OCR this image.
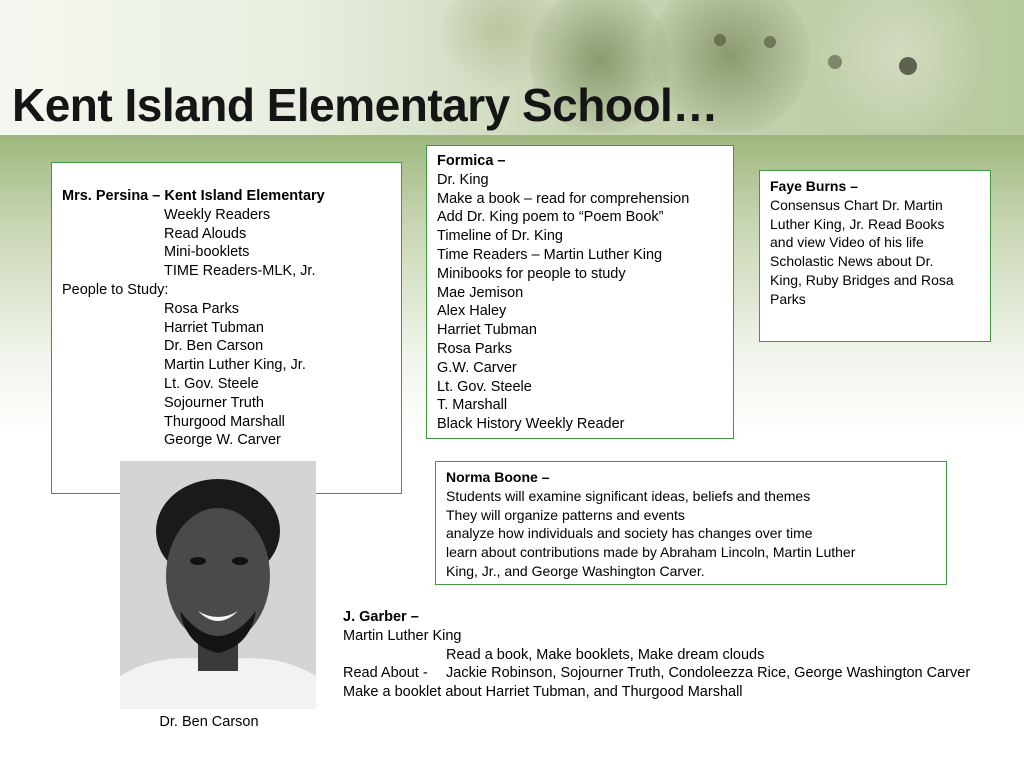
Kent Island Elementary School…
Mrs. Persina – Kent Island Elementary
Weekly Readers
Read Alouds
Mini-booklets
TIME Readers-MLK, Jr.
People to Study:
Rosa Parks
Harriet Tubman
Dr. Ben Carson
Martin Luther King, Jr.
Lt. Gov. Steele
Sojourner Truth
Thurgood Marshall
George W. Carver
Formica –
Dr. King
Make a book – read for comprehension
Add Dr. King poem to “Poem Book”
Timeline of Dr. King
Time Readers – Martin Luther King
Minibooks for people to study
Mae Jemison
Alex Haley
Harriet Tubman
Rosa Parks
G.W. Carver
Lt. Gov. Steele
T. Marshall
Black History Weekly Reader
Faye Burns –
Consensus Chart Dr. Martin
Luther King, Jr. Read Books
and view Video of his life
Scholastic News about Dr.
King, Ruby Bridges and Rosa
Parks
Norma Boone –
Students will examine significant ideas, beliefs and themes
They will organize patterns and events
analyze how individuals and society has changes over time
learn about contributions made by Abraham Lincoln, Martin Luther
King, Jr., and George Washington Carver.
Dr. Ben Carson
J. Garber –
Martin Luther King
Read a book, Make booklets, Make dream clouds
Read About - Jackie Robinson, Sojourner Truth, Condoleezza Rice, George Washington Carver
Make a booklet about Harriet Tubman, and Thurgood Marshall
